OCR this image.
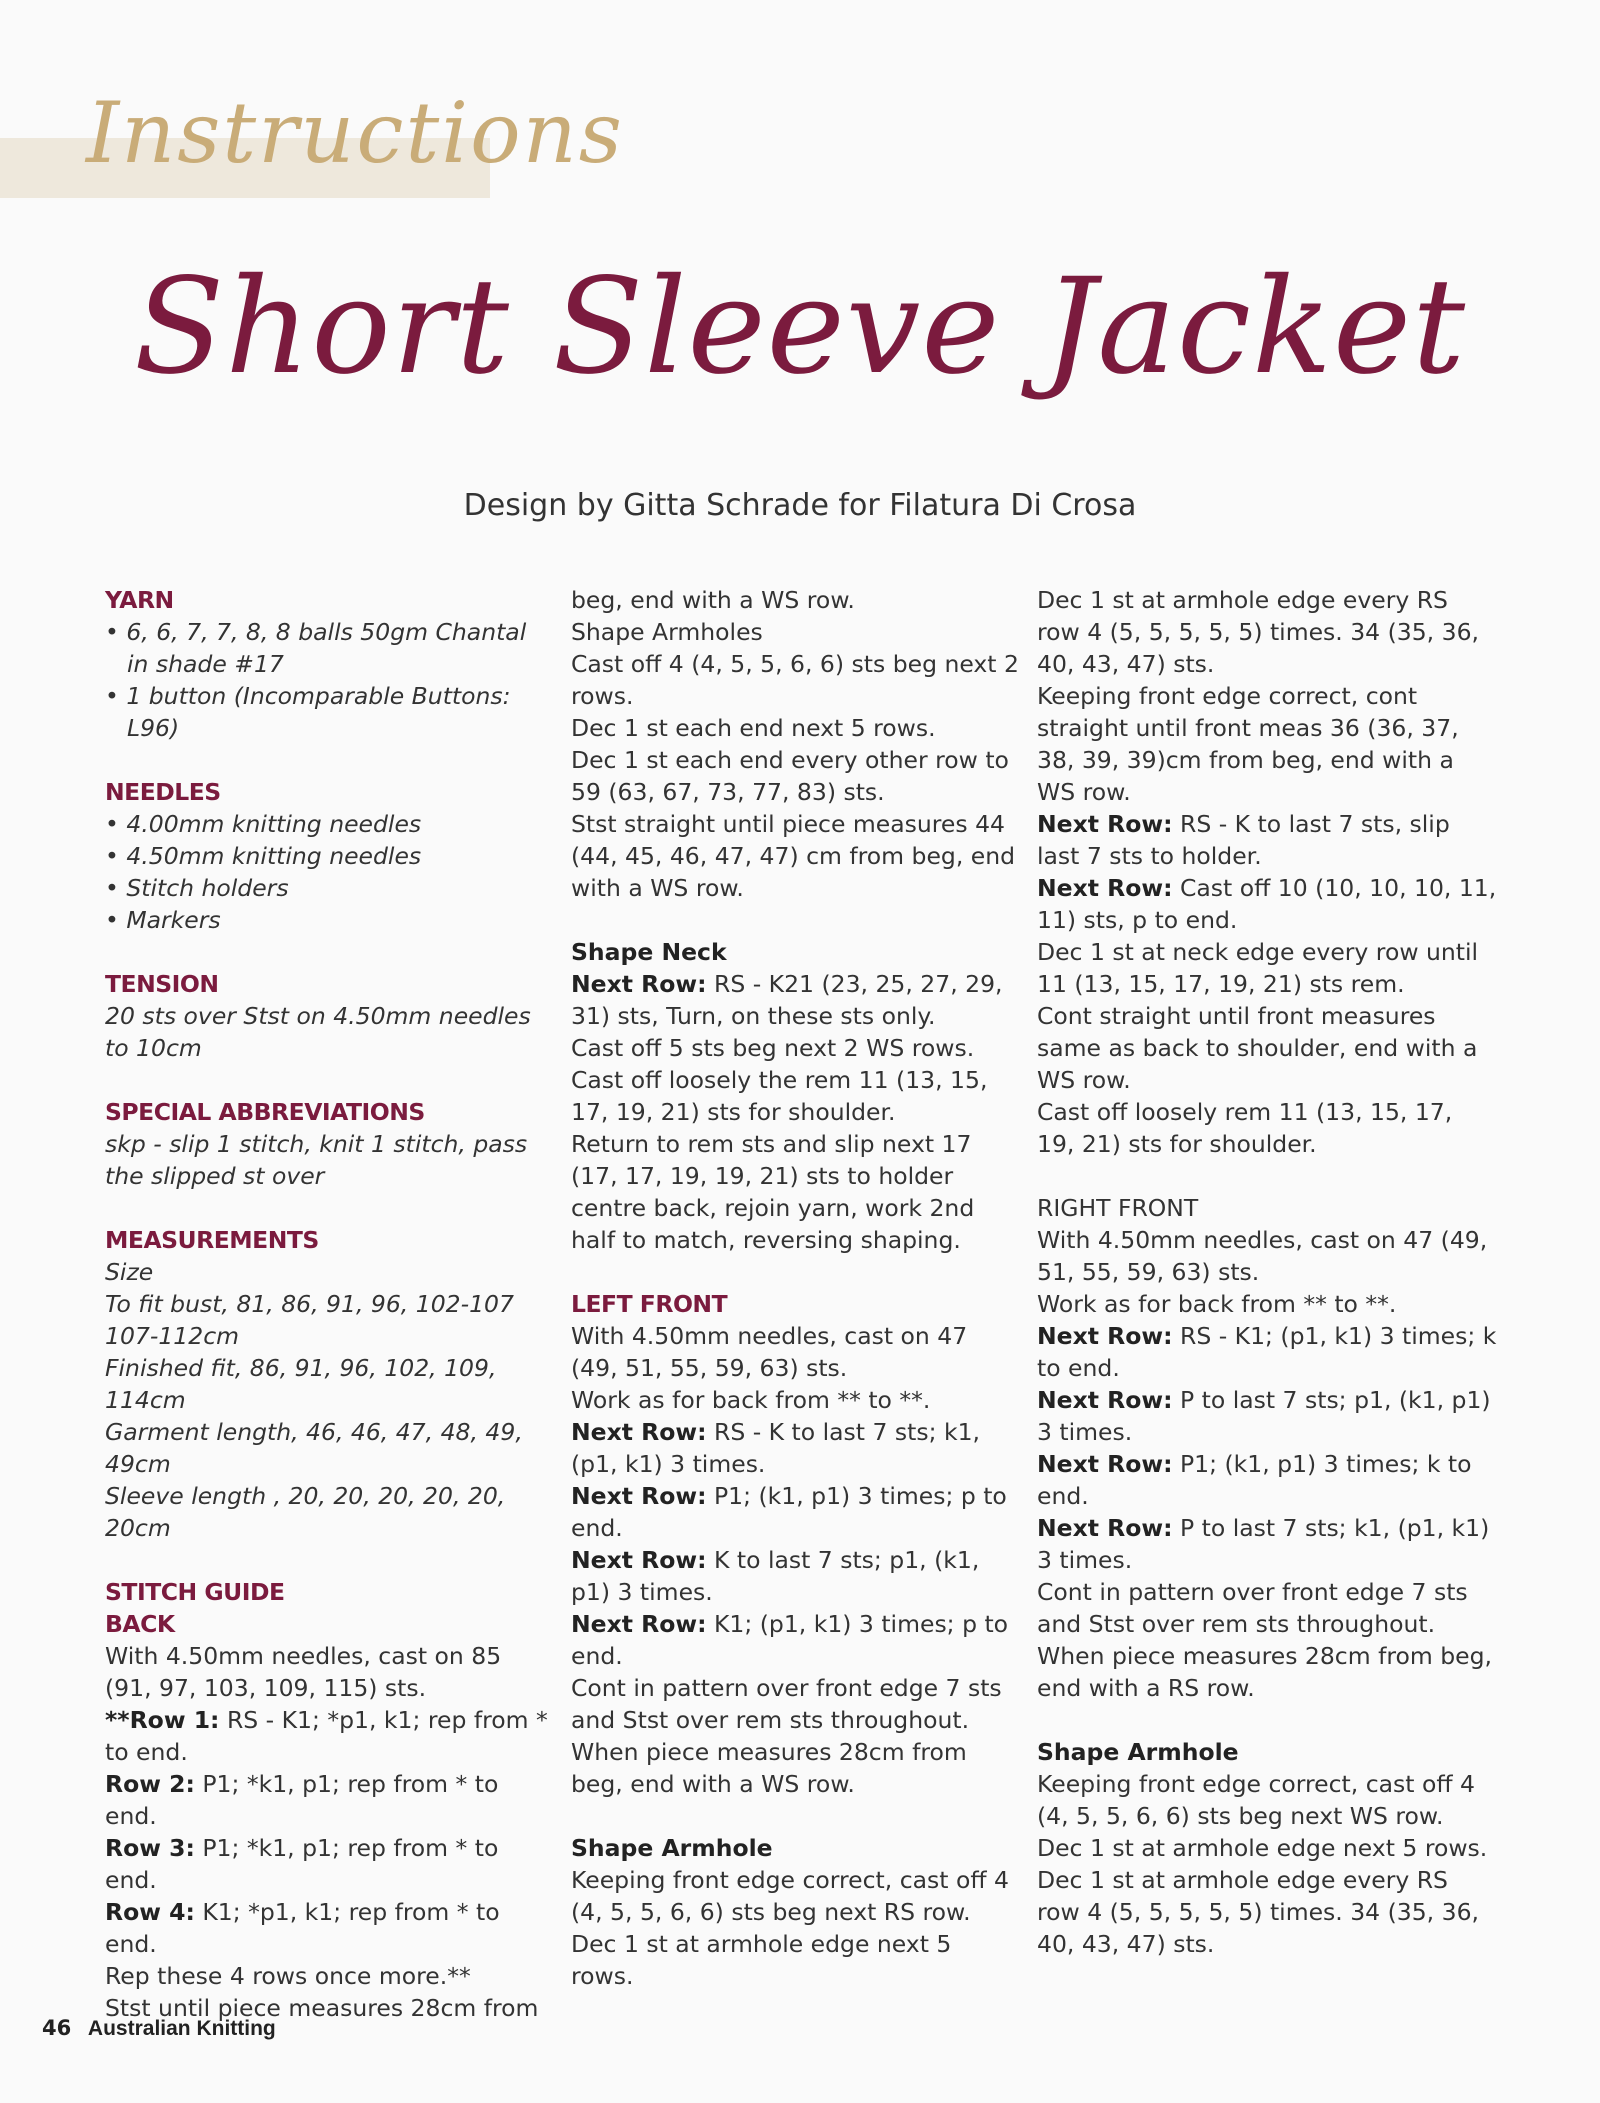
Instructions
Short Sleeve Jacket
Design by Gitta Schrade for Filatura Di Crosa

YARN

• 6, 6, 7, 7, 8, 8 balls 50gm Chantal in shade #17

• 1 button (Incomparable Buttons: L96)

NEEDLES

• 4.00mm knitting needles

• 4.50mm knitting needles

• Stitch holders

• Markers

TENSION

20 sts over Stst on 4.50mm needles to 10cm

SPECIAL ABBREVIATIONS

skp - slip 1 stitch, knit 1 stitch, pass the slipped st over

MEASUREMENTS

Size

To fit bust, 81, 86, 91, 96, 102-107 107-112cm

Finished fit, 86, 91, 96, 102, 109, 114cm

Garment length, 46, 46, 47, 48, 49, 49cm

Sleeve length , 20, 20, 20, 20, 20, 20cm

STITCH GUIDE

BACK

With 4.50mm needles, cast on 85 (91, 97, 103, 109, 115) sts.

**Row 1: RS - K1; *p1, k1; rep from * to end.

Row 2: P1; *k1, p1; rep from * to end.

Row 3: P1; *k1, p1; rep from * to end.

Row 4: K1; *p1, k1; rep from * to end.

Rep these 4 rows once more.**

Stst until piece measures 28cm from

beg, end with a WS row.

Shape Armholes

Cast off 4 (4, 5, 5, 6, 6) sts beg next 2 rows.

Dec 1 st each end next 5 rows.

Dec 1 st each end every other row to 59 (63, 67, 73, 77, 83) sts.

Stst straight until piece measures 44 (44, 45, 46, 47, 47) cm from beg, end with a WS row.

Shape Neck

Next Row: RS - K21 (23, 25, 27, 29, 31) sts, Turn, on these sts only.

Cast off 5 sts beg next 2 WS rows.

Cast off loosely the rem 11 (13, 15, 17, 19, 21) sts for shoulder.

Return to rem sts and slip next 17 (17, 17, 19, 19, 21) sts to holder centre back, rejoin yarn, work 2nd half to match, reversing shaping.

LEFT FRONT

With 4.50mm needles, cast on 47 (49, 51, 55, 59, 63) sts.

Work as for back from ** to **.

Next Row: RS - K to last 7 sts; k1, (p1, k1) 3 times.

Next Row: P1; (k1, p1) 3 times; p to end.

Next Row: K to last 7 sts; p1, (k1, p1) 3 times.

Next Row: K1; (p1, k1) 3 times; p to end.

Cont in pattern over front edge 7 sts and Stst over rem sts throughout.

When piece measures 28cm from beg, end with a WS row.

Shape Armhole

Keeping front edge correct, cast off 4 (4, 5, 5, 6, 6) sts beg next RS row.

Dec 1 st at armhole edge next 5 rows.

Dec 1 st at armhole edge every RS row 4 (5, 5, 5, 5, 5) times. 34 (35, 36, 40, 43, 47) sts.

Keeping front edge correct, cont straight until front meas 36 (36, 37, 38, 39, 39)cm from beg, end with a WS row.

Next Row: RS - K to last 7 sts, slip last 7 sts to holder.

Next Row: Cast off 10 (10, 10, 10, 11, 11) sts, p to end.

Dec 1 st at neck edge every row until 11 (13, 15, 17, 19, 21) sts rem.

Cont straight until front measures same as back to shoulder, end with a WS row.

Cast off loosely rem 11 (13, 15, 17, 19, 21) sts for shoulder.

RIGHT FRONT

With 4.50mm needles, cast on 47 (49, 51, 55, 59, 63) sts.

Work as for back from ** to **.

Next Row: RS - K1; (p1, k1) 3 times; k to end.

Next Row: P to last 7 sts; p1, (k1, p1) 3 times.

Next Row: P1; (k1, p1) 3 times; k to end.

Next Row: P to last 7 sts; k1, (p1, k1) 3 times.

Cont in pattern over front edge 7 sts and Stst over rem sts throughout.

When piece measures 28cm from beg, end with a RS row.

Shape Armhole

Keeping front edge correct, cast off 4 (4, 5, 5, 6, 6) sts beg next WS row.

Dec 1 st at armhole edge next 5 rows.

Dec 1 st at armhole edge every RS row 4 (5, 5, 5, 5, 5) times. 34 (35, 36, 40, 43, 47) sts.

46 Australian Knitting
